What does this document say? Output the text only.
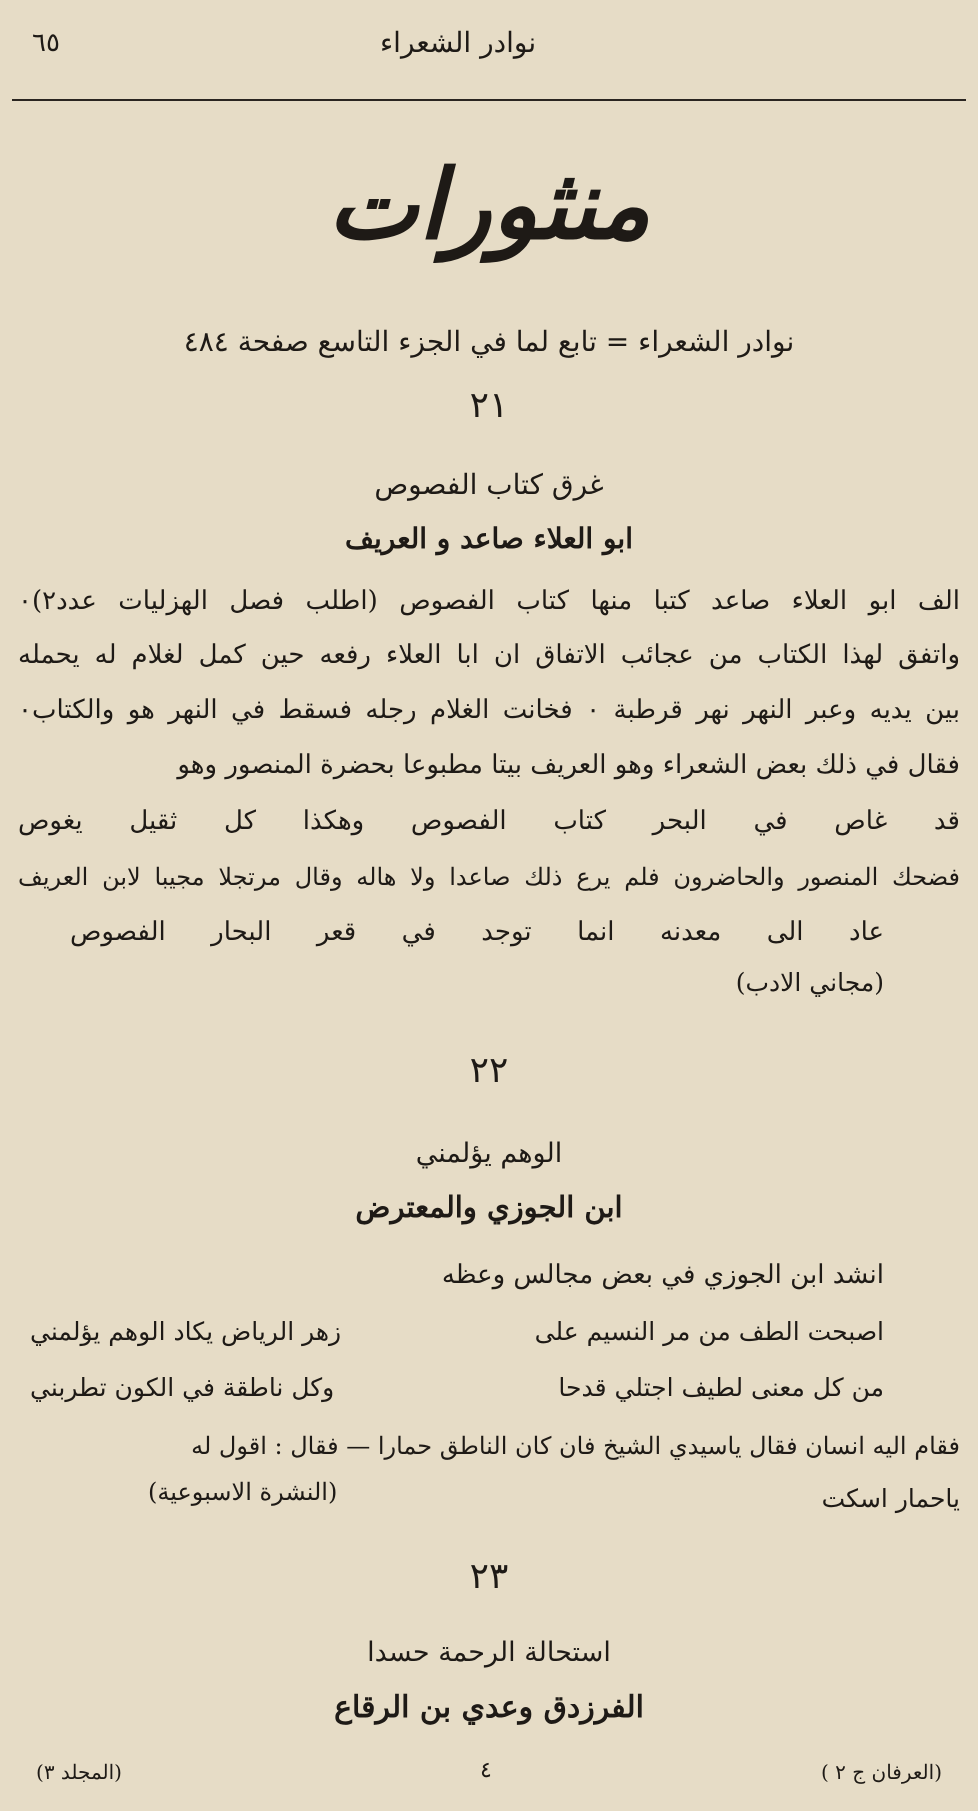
نوادر الشعراء
٦٥
منثورات
نوادر الشعراء = تابع لما في الجزء التاسع صفحة ٤٨٤
٢١
غرق كتاب الفصوص
ابو العلاء صاعد و العريف
الف ابو العلاء صاعد كتبا منها كتاب الفصوص (اطلب فصل الهزليات عدد٢)٠
واتفق لهذا الكتاب من عجائب الاتفاق ان ابا العلاء رفعه حين كمل لغلام له يحمله
بين يديه وعبر النهر نهر قرطبة ٠ فخانت الغلام رجله فسقط في النهر هو والكتاب٠
فقال في ذلك بعض الشعراء وهو العريف بيتا مطبوعا بحضرة المنصور وهو
قد غاص في البحر كتاب الفصوص وهكذا كل ثقيل يغوص
فضحك المنصور والحاضرون فلم يرع ذلك صاعدا ولا هاله وقال مرتجلا مجيبا لابن العريف
عاد الى معدنه انما توجد في قعر البحار الفصوص
(مجاني الادب)
٢٢
الوهم يؤلمني
ابن الجوزي والمعترض
انشد ابن الجوزي في بعض مجالس وعظه
اصبحت الطف من مر النسيم على
زهر الرياض يكاد الوهم يؤلمني
من كل معنى لطيف اجتلي قدحا
وكل ناطقة في الكون تطربني
فقام اليه انسان فقال ياسيدي الشيخ فان كان الناطق حمارا — فقال : اقول له
ياحمار اسكت
(النشرة الاسبوعية)
٢٣
استحالة الرحمة حسدا
الفرزدق وعدي بن الرقاع
(المجلد ٣)	٤	(العرفان ج ٢ )
